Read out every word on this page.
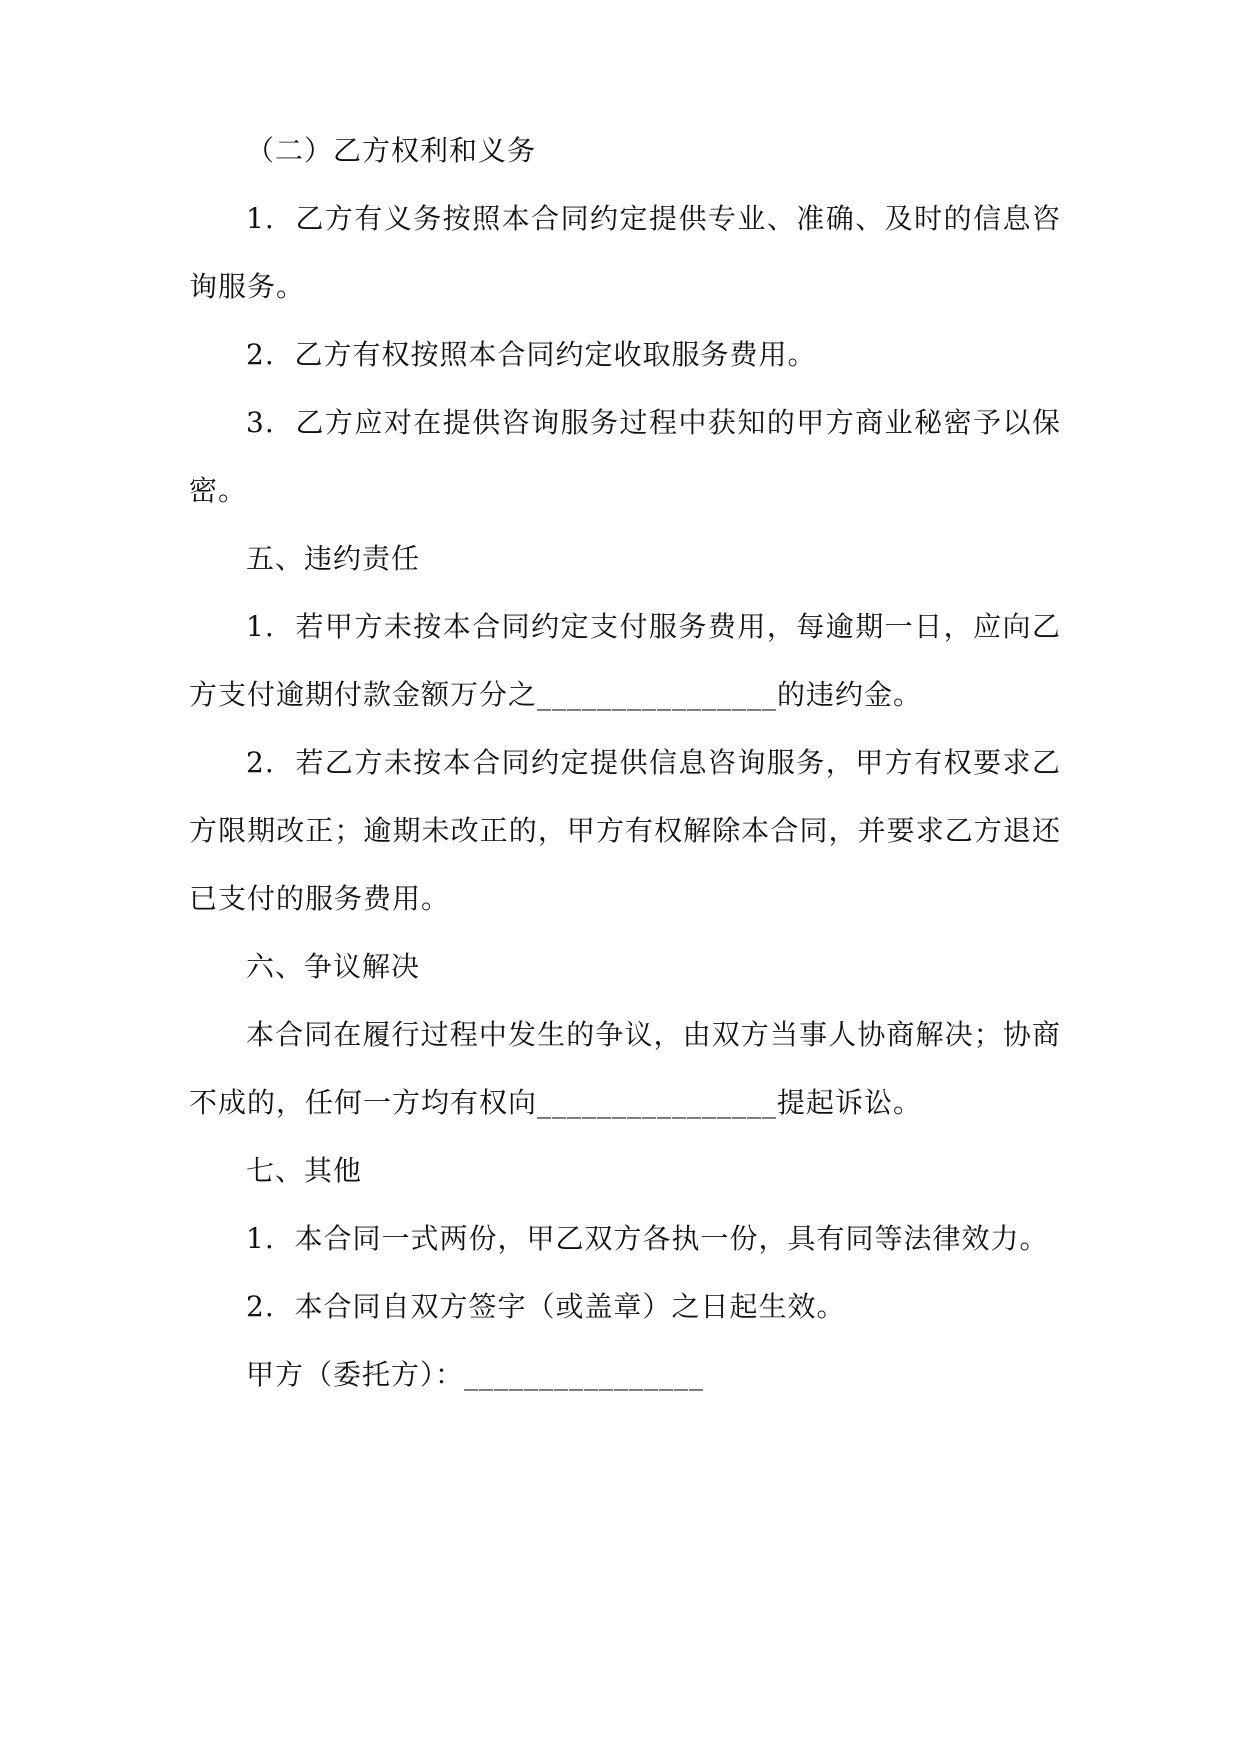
（二）乙方权利和义务
1.  乙方有义务按照本合同约定提供专业、准确、及时的信息咨
询服务。
2.  乙方有权按照本合同约定收取服务费用。
3.  乙方应对在提供咨询服务过程中获知的甲方商业秘密予以保
密。
五、违约责任
1.  若甲方未按本合同约定支付服务费用，每逾期一日，应向乙
方支付逾期付款金额万分之________________的违约金。
2.  若乙方未按本合同约定提供信息咨询服务，甲方有权要求乙
方限期改正；逾期未改正的，甲方有权解除本合同，并要求乙方退还
已支付的服务费用。
六、争议解决
本合同在履行过程中发生的争议，由双方当事人协商解决；协商
不成的，任何一方均有权向________________提起诉讼。
七、其他
1.  本合同一式两份，甲乙双方各执一份，具有同等法律效力。
2.  本合同自双方签字（或盖章）之日起生效。
甲方（委托方）：________________
